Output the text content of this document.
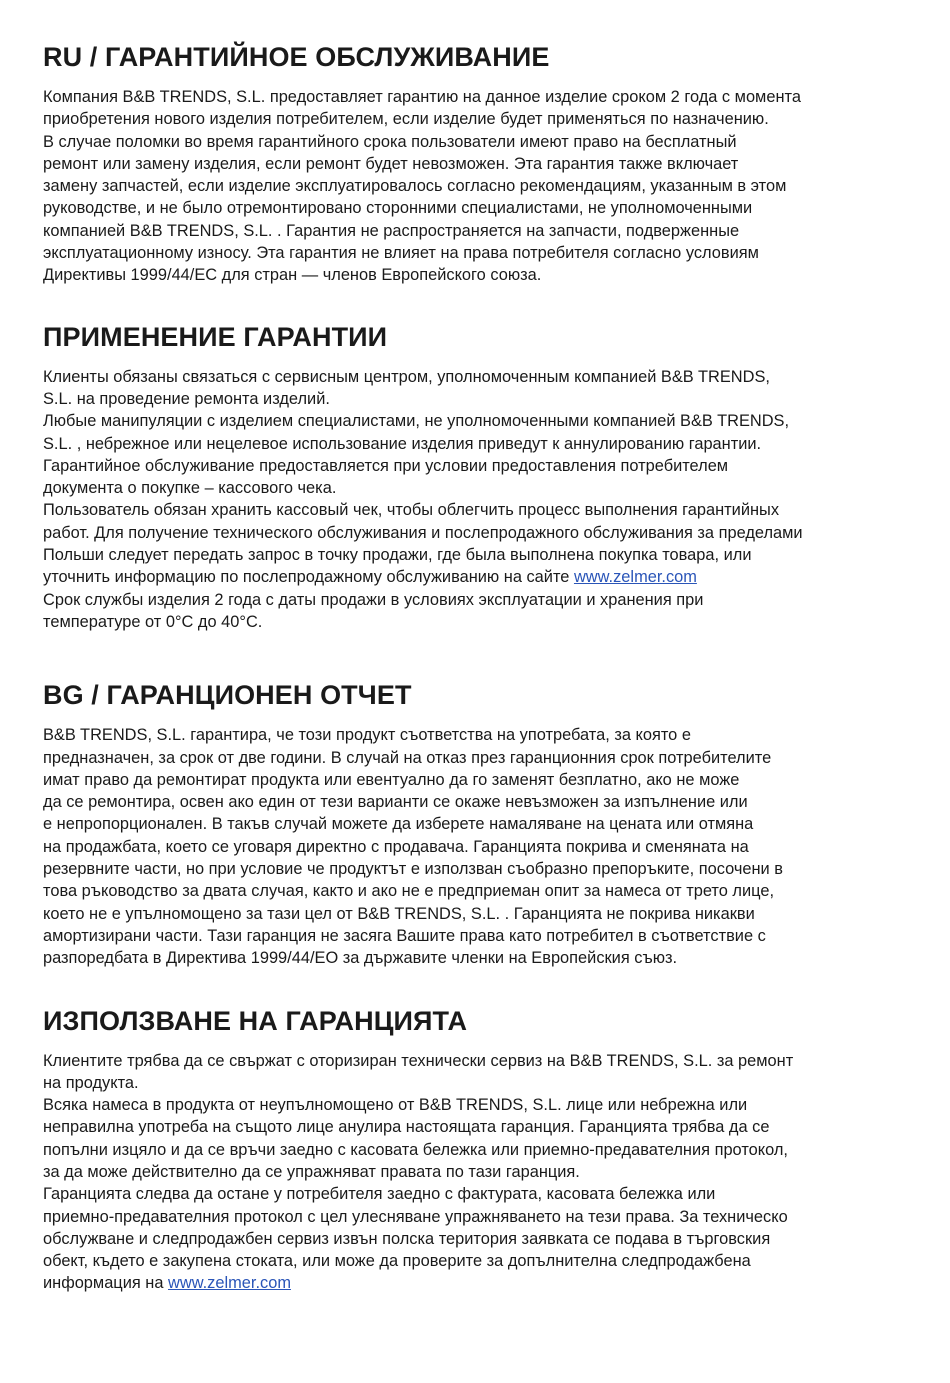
RU / ГАРАНТИЙНОЕ ОБСЛУЖИВАНИЕ
Компания B&B TRENDS, S.L. предоставляет гарантию на данное изделие сроком 2 года с момента
приобретения нового изделия потребителем, если изделие будет применяться по назначению.
В случае поломки во время гарантийного срока пользователи имеют право на бесплатный
ремонт или замену изделия, если ремонт будет невозможен. Эта гарантия также включает
замену запчастей, если изделие эксплуатировалось согласно рекомендациям, указанным в этом
руководстве, и не было отремонтировано сторонними специалистами, не уполномоченными
компанией B&B TRENDS, S.L. . Гарантия не распространяется на запчасти, подверженные
эксплуатационному износу. Эта гарантия не влияет на права потребителя согласно условиям
Директивы 1999/44/ЕС для стран — членов Европейского союза.
ПРИМЕНЕНИЕ ГАРАНТИИ
Клиенты обязаны связаться с сервисным центром, уполномоченным компанией B&B TRENDS,
S.L. на проведение ремонта изделий.
Любые манипуляции с изделием специалистами, не уполномоченными компанией B&B TRENDS,
S.L. , небрежное или нецелевое использование изделия приведут к аннулированию гарантии.
Гарантийное обслуживание предоставляется при условии предоставления потребителем
документа о покупке – кассового чека.
Пользователь обязан хранить кассовый чек, чтобы облегчить процесс выполнения гарантийных
работ. Для получение технического обслуживания и послепродажного обслуживания за пределами
Польши следует передать запрос в точку продажи, где была выполнена покупка товара, или
уточнить информацию по послепродажному обслуживанию на сайте www.zelmer.com
Срок службы изделия 2 года с даты продажи в условиях эксплуатации и хранения при
температуре от 0°C до 40°C.
BG / ГАРАНЦИОНЕН ОТЧЕТ
B&B TRENDS, S.L. гарантира, че този продукт съответства на употребата, за която е
предназначен, за срок от две години. В случай на отказ през гаранционния срок потребителите
имат право да ремонтират продукта или евентуално да го заменят безплатно, ако не може
да се ремонтира, освен ако един от тези варианти се окаже невъзможен за изпълнение или
е непропорционален. В такъв случай можете да изберете намаляване на цената или отмяна
на продажбата, което се уговаря директно с продавача. Гаранцията покрива и сменяната на
резервните части, но при условие че продуктът е използван съобразно препоръките, посочени в
това ръководство за двата случая, както и ако не е предприеман опит за намеса от трето лице,
което не е упълномощено за тази цел от B&B TRENDS, S.L. . Гаранцията не покрива никакви
амортизирани части. Тази гаранция не засяга Вашите права като потребител в съответствие с
разпоредбата в Директива 1999/44/ЕО за държавите членки на Европейския съюз.
ИЗПОЛЗВАНЕ НА ГАРАНЦИЯТА
Клиентите трябва да се свържат с оторизиран технически сервиз на B&B TRENDS, S.L. за ремонт
на продукта.
Всяка намеса в продукта от неупълномощено от B&B TRENDS, S.L. лице или небрежна или
неправилна употреба на същото лице анулира настоящата гаранция. Гаранцията трябва да се
попълни изцяло и да се връчи заедно с касовата бележка или приемно-предавателния протокол,
за да може действително да се упражняват правата по тази гаранция.
Гаранцията следва да остане у потребителя заедно с фактурата, касовата бележка или
приемно-предавателния протокол с цел улесняване упражняването на тези права. За техническо
обслужване и следпродажбен сервиз извън полска територия заявката се подава в търговския
обект, където е закупена стоката, или може да проверите за допълнителна следпродажбена
информация на www.zelmer.com
